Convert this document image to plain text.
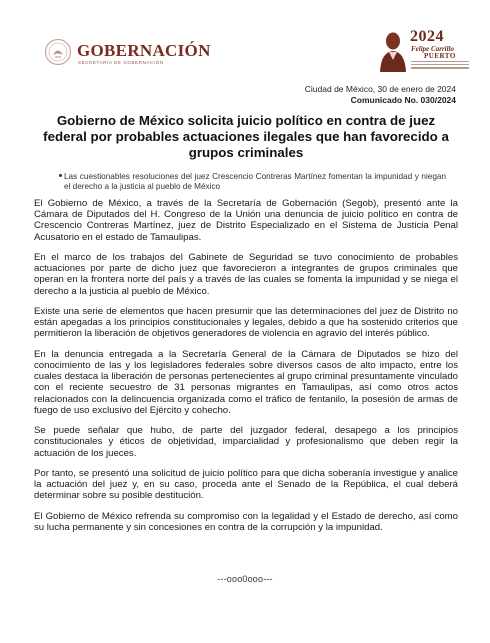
GOBERNACIÓN
SECRETARÍA DE GOBERNACIÓN
2024
Felipe Carrillo
PUERTO
Ciudad de México, 30 de enero de 2024
Comunicado No. 030/2024
Gobierno de México solicita juicio político en contra de juez federal por probables actuaciones ilegales que han favorecido a grupos criminales
Las cuestionables resoluciones del juez Crescencio Contreras Martínez fomentan la impunidad y niegan el derecho a la justicia al pueblo de México

El Gobierno de México, a través de la Secretaría de Gobernación (Segob), presentó ante la Cámara de Diputados del H. Congreso de la Unión una denuncia de juicio político en contra de Crescencio Contreras Martínez, juez de Distrito Especializado en el Sistema de Justicia Penal Acusatorio en el estado de Tamaulipas.

En el marco de los trabajos del Gabinete de Seguridad se tuvo conocimiento de probables actuaciones por parte de dicho juez que favorecieron a integrantes de grupos criminales que operan en la frontera norte del país y a través de las cuales se fomenta la impunidad y se niega el derecho a la justicia al pueblo de México.

Existe una serie de elementos que hacen presumir que las determinaciones del juez de Distrito no están apegadas a los principios constitucionales y legales, debido a que ha sostenido criterios que permitieron la liberación de objetivos generadores de violencia en agravio del interés público.

En la denuncia entregada a la Secretaría General de la Cámara de Diputados se hizo del conocimiento de las y los legisladores federales sobre diversos casos de alto impacto, entre los cuales destaca la liberación de personas pertenecientes al grupo criminal presuntamente vinculado con el reciente secuestro de 31 personas migrantes en Tamaulipas, así como otros actos relacionados con la delincuencia organizada como el tráfico de fentanilo, la posesión de armas de fuego de uso exclusivo del Ejército y cohecho.

Se puede señalar que hubo, de parte del juzgador federal, desapego a los principios constitucionales y éticos de objetividad, imparcialidad y profesionalismo que deben regir la actuación de los jueces.

Por tanto, se presentó una solicitud de juicio político para que dicha soberanía investigue y analice la actuación del juez y, en su caso, proceda ante el Senado de la República, el cual deberá determinar sobre su posible destitución.

El Gobierno de México refrenda su compromiso con la legalidad y el Estado de derecho, así como su lucha permanente y sin concesiones en contra de la corrupción y la impunidad.

---ooo0ooo---
